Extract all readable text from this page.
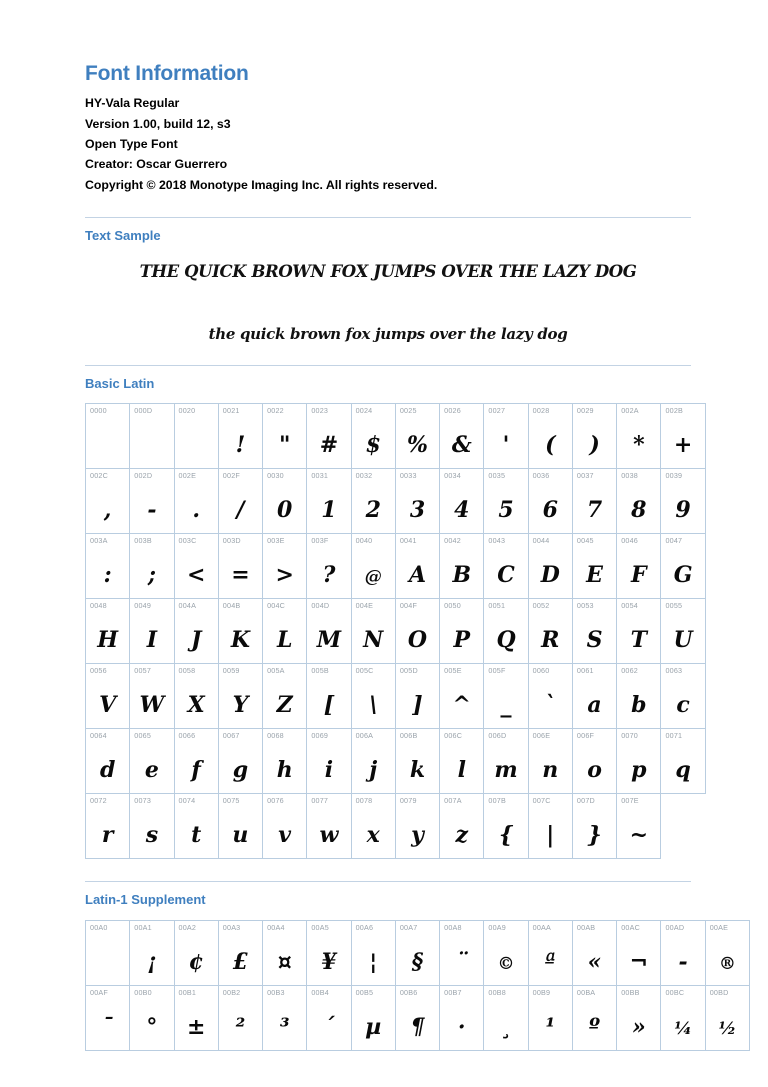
Font Information
HY-Vala Regular
Version 1.00, build 12, s3
Open Type Font
Creator: Oscar Guerrero
Copyright © 2018 Monotype Imaging Inc. All rights reserved.
Text Sample
THE QUICK BROWN FOX JUMPS OVER THE LAZY DOG
the quick brown fox jumps over the lazy dog
Basic Latin
0000	000D	0020	0021
!	0022
"	0023
#	0024
$	0025
%	0026
&	0027
'	0028
(	0029
)	002A
*	002B
+

002C
,	002D
-	002E
.	002F
/	0030
0	0031
1	0032
2	0033
3	0034
4	0035
5	0036
6	0037
7	0038
8	0039
9

003A
:	003B
;	003C
<	003D
=	003E
>	003F
?	0040
@	0041
A	0042
B	0043
C	0044
D	0045
E	0046
F	0047
G

0048
H	0049
I	004A
J	004B
K	004C
L	004D
M	004E
N	004F
O	0050
P	0051
Q	0052
R	0053
S	0054
T	0055
U

0056
V	0057
W	0058
X	0059
Y	005A
Z	005B
[	005C
\	005D
]	005E
^	005F
_	0060
`	0061
a	0062
b	0063
c

0064
d	0065
e	0066
f	0067
g	0068
h	0069
i	006A
j	006B
k	006C
l	006D
m	006E
n	006F
o	0070
p	0071
q

0072
r	0073
s	0074
t	0075
u	0076
v	0077
w	0078
x	0079
y	007A
z	007B
{	007C
|	007D
}	007E
~	

Latin-1 Supplement
00A0	00A1
¡	00A2
¢	00A3
£	00A4
¤	00A5
¥	00A6
¦	00A7
§	00A8
¨	00A9
©	00AA
ª	00AB
«	00AC
¬	00AD
‐	00AE
®

00AF
¯	00B0
°	00B1
±	00B2
²	00B3
³	00B4
´	00B5
µ	00B6
¶	00B7
·	00B8
¸	00B9
¹	00BA
º	00BB
»	00BC
¼	00BD
½
